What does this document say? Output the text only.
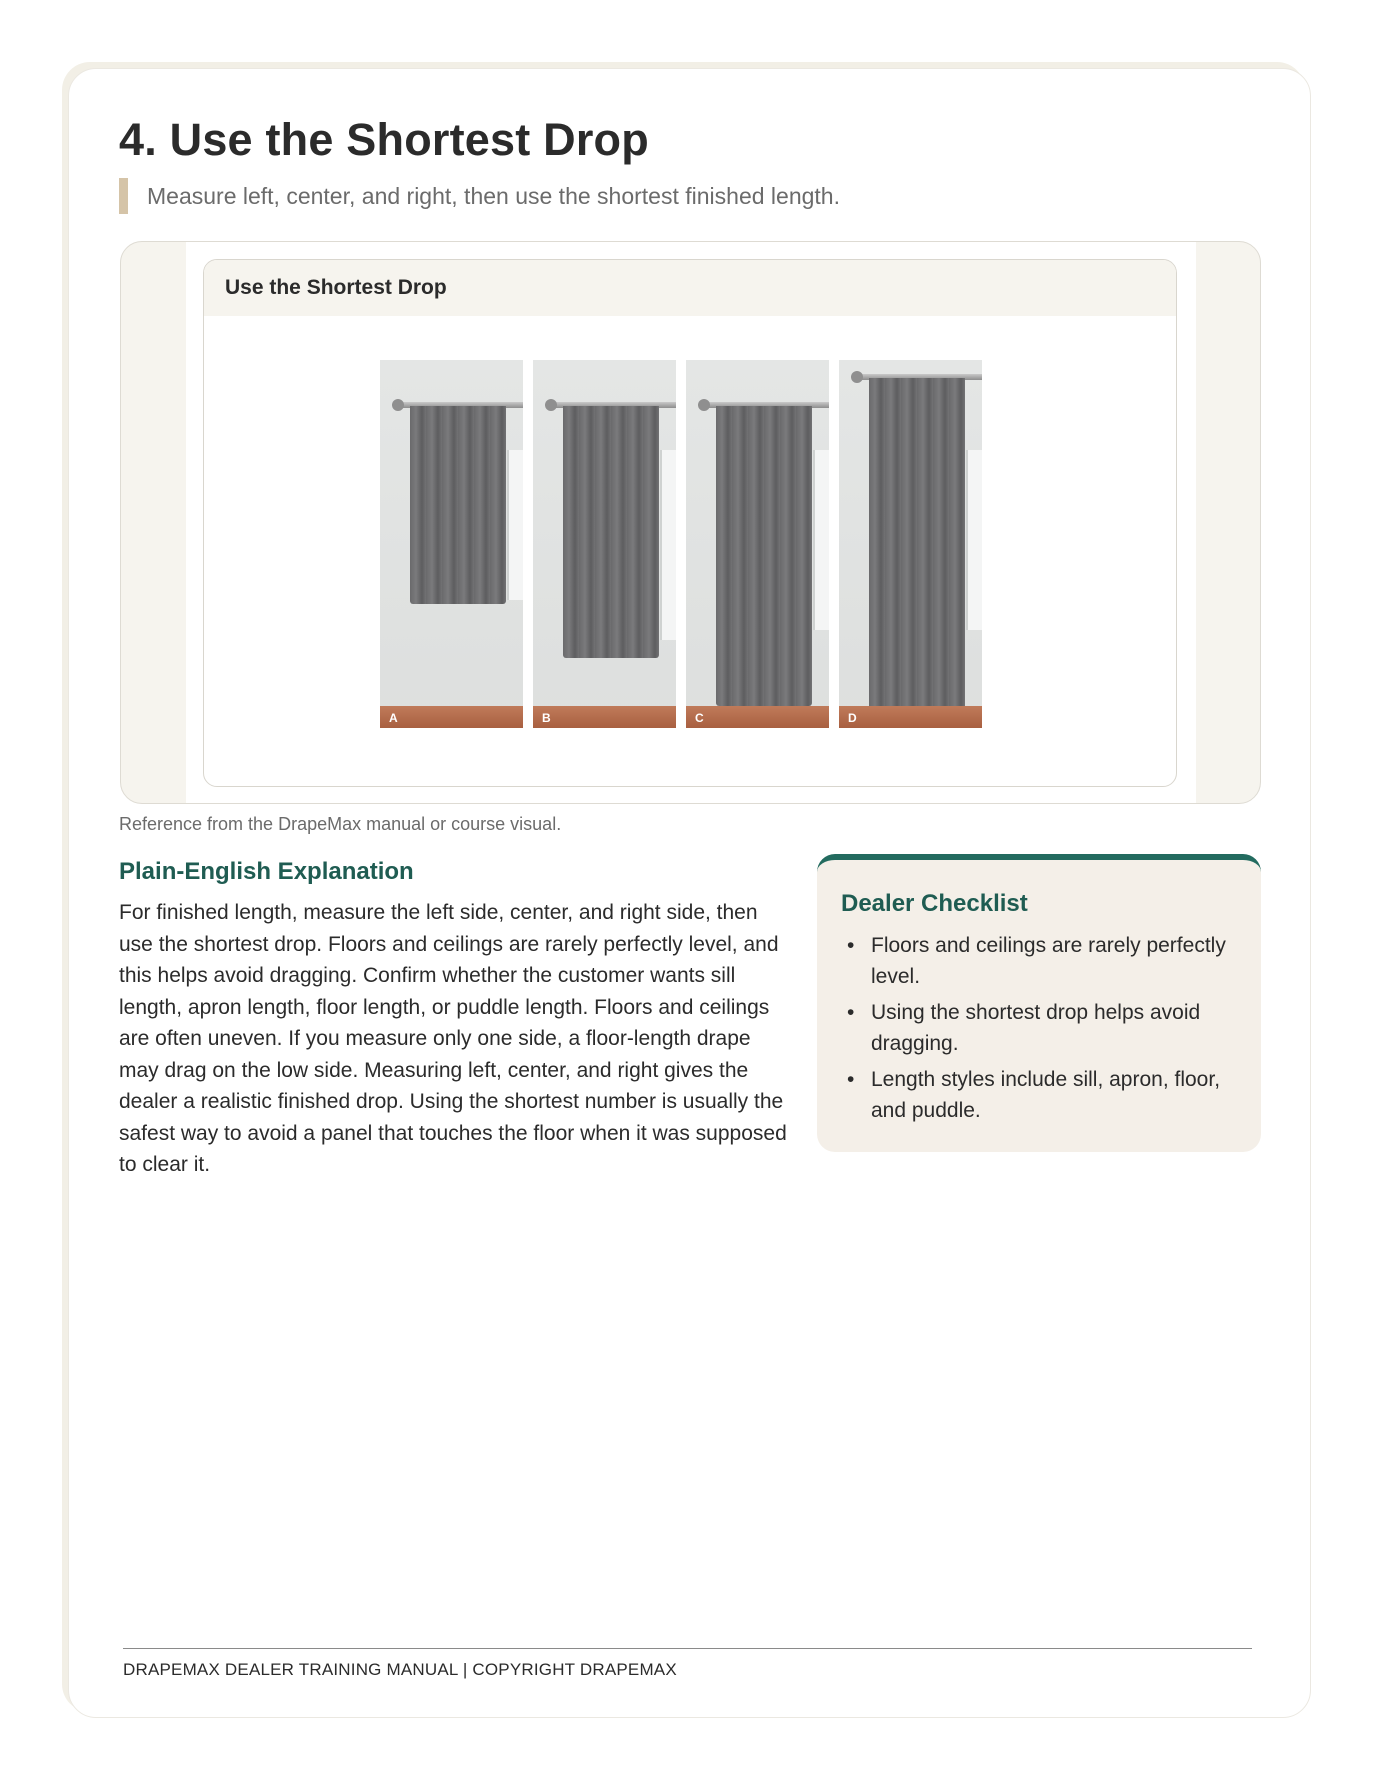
4. Use the Shortest Drop
Measure left, center, and right, then use the shortest finished length.
Use the Shortest Drop
A	B	C	D

Reference from the DrapeMax manual or course visual.

Plain-English Explanation

For finished length, measure the left side, center, and right side, then use the shortest drop. Floors and ceilings are rarely perfectly level, and this helps avoid dragging. Confirm whether the customer wants sill length, apron length, floor length, or puddle length. Floors and ceilings are often uneven. If you measure only one side, a floor-length drape may drag on the low side. Measuring left, center, and right gives the dealer a realistic finished drop. Using the shortest number is usually the safest way to avoid a panel that touches the floor when it was supposed to clear it.

Dealer Checklist
• Floors and ceilings are rarely perfectly level.
• Using the shortest drop helps avoid dragging.
• Length styles include sill, apron, floor, and puddle.
DRAPEMAX DEALER TRAINING MANUAL | COPYRIGHT DRAPEMAX
